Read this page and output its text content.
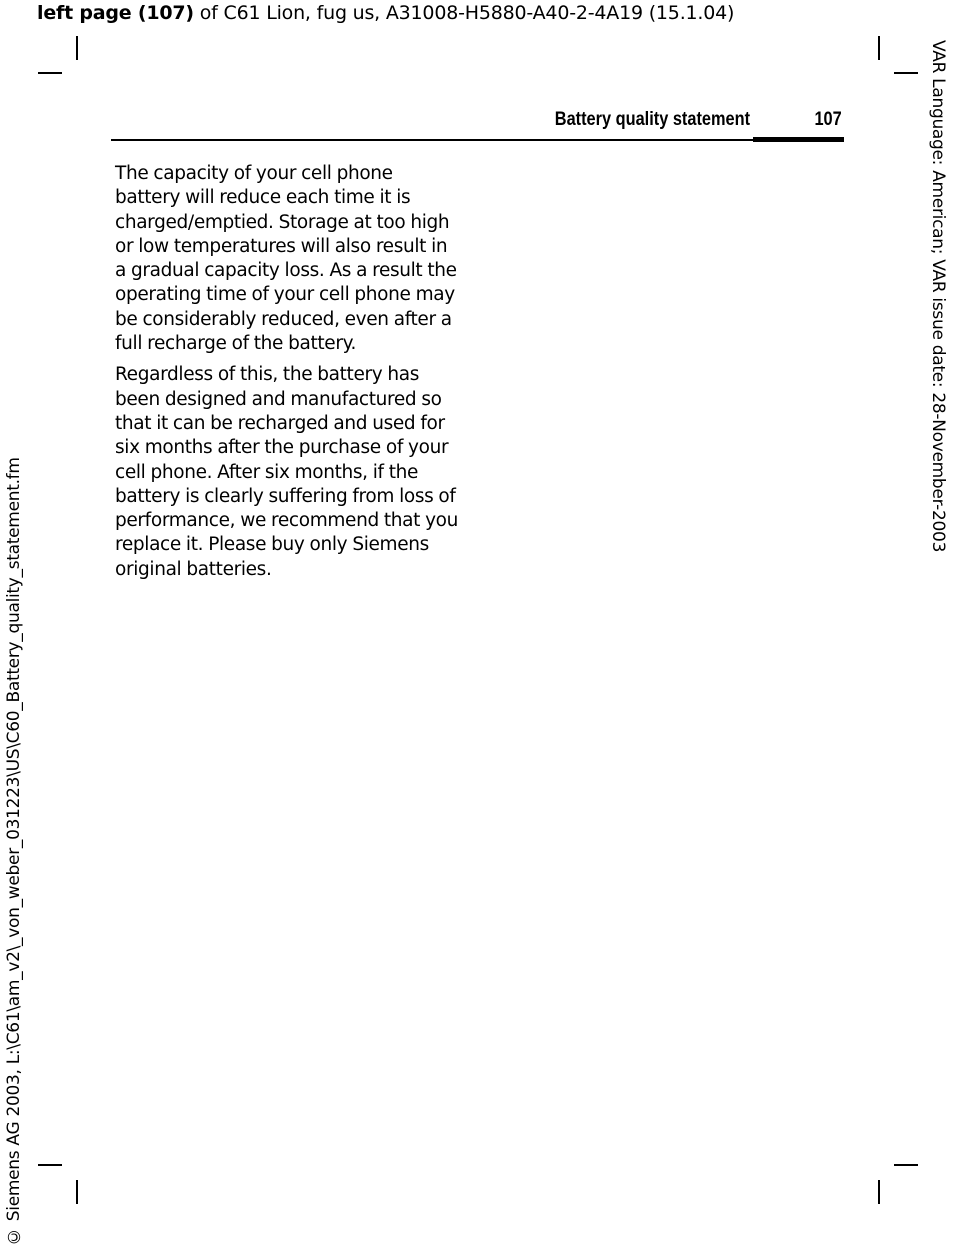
left page (107) of C61 Lion, fug us, A31008-H5880-A40-2-4A19 (15.1.04)
Battery quality statement	107

The capacity of your cell phone battery will reduce each time it is charged/emptied. Storage at too high or low temperatures will also result in a gradual capacity loss. As a result the operating time of your cell phone may be considerably reduced, even after a full recharge of the battery.

Regardless of this, the battery has been designed and manufactured so that it can be recharged and used for six months after the purchase of your cell phone. After six months, if the battery is clearly suffering from loss of performance, we recommend that you replace it. Please buy only Siemens original batteries.

VAR Language: American; VAR issue date: 28-November-2003
© Siemens AG 2003, L:\C61\am_v2\_von_weber_031223\US\C60_Battery_quality_statement.fm
